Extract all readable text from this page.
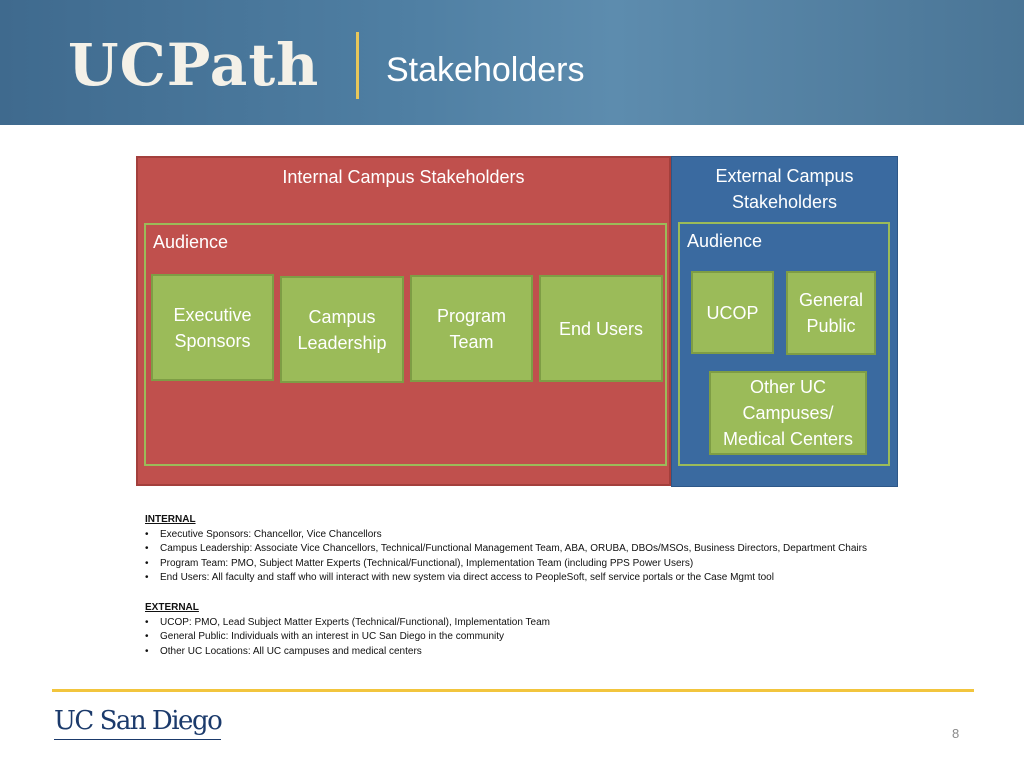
UCPath Stakeholders
Internal Campus Stakeholders
Audience
Executive
Sponsors
Campus
Leadership
Program
Team
End Users
External Campus
Stakeholders
Audience
UCOP
General
Public
Other UC
Campuses/
Medical Centers
INTERNAL
• Executive Sponsors: Chancellor, Vice Chancellors
• Campus Leadership: Associate Vice Chancellors, Technical/Functional Management Team, ABA, ORUBA, DBOs/MSOs, Business Directors, Department Chairs
• Program Team: PMO, Subject Matter Experts (Technical/Functional), Implementation Team (including PPS Power Users)
• End Users: All faculty and staff who will interact with new system via direct access to PeopleSoft, self service portals or the Case Mgmt tool
EXTERNAL
• UCOP: PMO, Lead Subject Matter Experts (Technical/Functional), Implementation Team
• General Public: Individuals with an interest in UC San Diego in the community
• Other UC Locations: All UC campuses and medical centers
UC San Diego	8
